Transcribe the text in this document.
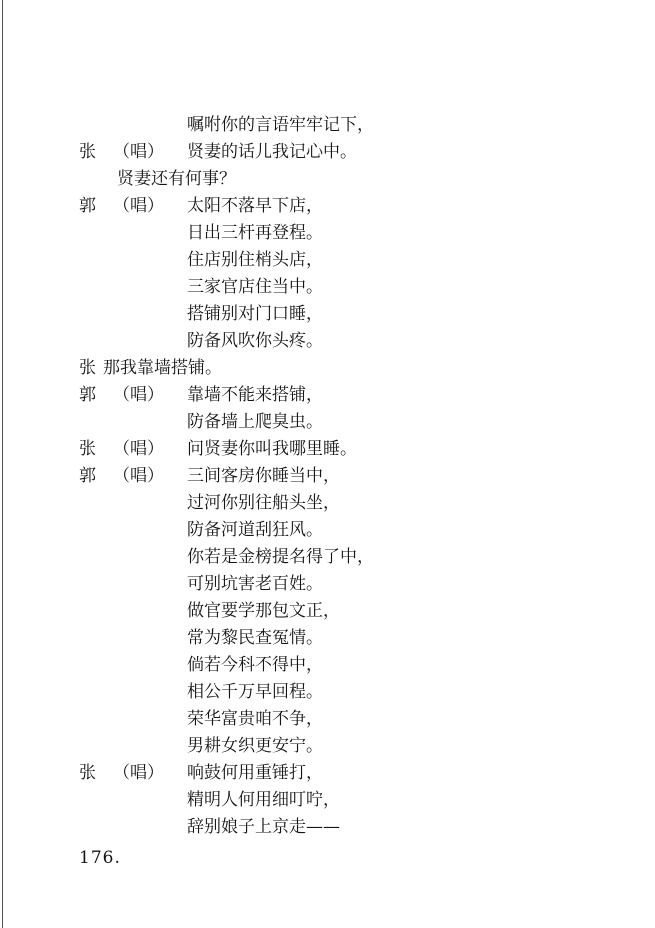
嘱咐你的言语牢牢记下，
张 （唱） 贤妻的话儿我记心中。
贤妻还有何事？
郭 （唱） 太阳不落早下店，
日出三杆再登程。
住店别住梢头店，
三家官店住当中。
搭铺别对门口睡，
防备风吹你头疼。
张 那我靠墙搭铺。
郭 （唱） 靠墙不能来搭铺，
防备墙上爬臭虫。
张 （唱） 问贤妻你叫我哪里睡。
郭 （唱） 三间客房你睡当中，
过河你别往船头坐，
防备河道刮狂风。
你若是金榜提名得了中，
可别坑害老百姓。
做官要学那包文正，
常为黎民查冤情。
倘若今科不得中，
相公千万早回程。
荣华富贵咱不争，
男耕女织更安宁。
张 （唱） 响鼓何用重锤打，
精明人何用细叮咛，
辞别娘子上京走——
176.
